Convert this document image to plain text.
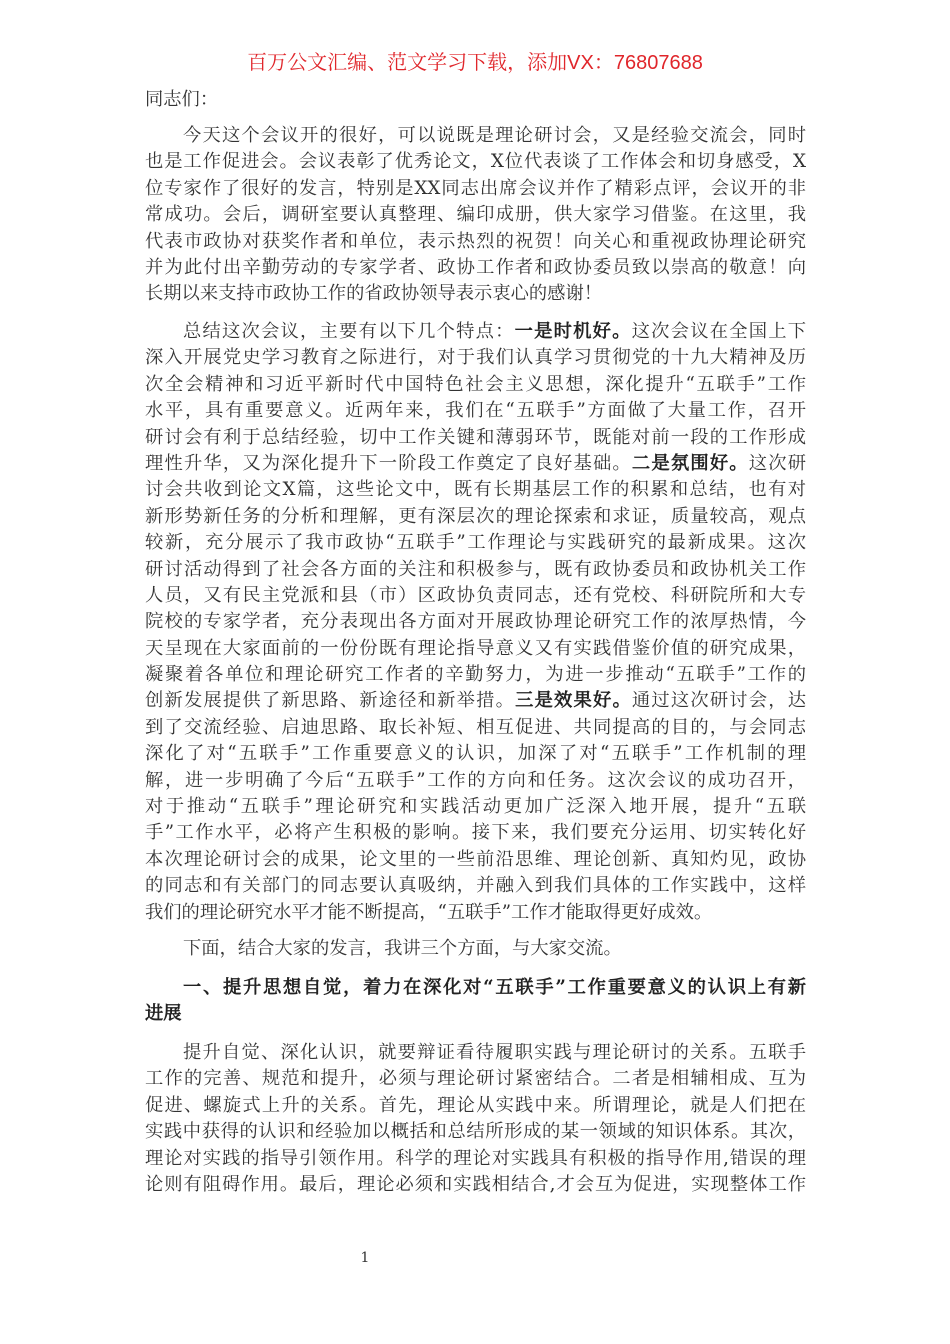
百万公文汇编、范文学习下载，添加VX：76807688
同志们：
今天这个会议开的很好，可以说既是理论研讨会，又是经验交流会，同时
也是工作促进会。会议表彰了优秀论文，X位代表谈了工作体会和切身感受，X
位专家作了很好的发言，特别是XX同志出席会议并作了精彩点评，会议开的非
常成功。会后，调研室要认真整理、编印成册，供大家学习借鉴。在这里，我
代表市政协对获奖作者和单位，表示热烈的祝贺！向关心和重视政协理论研究
并为此付出辛勤劳动的专家学者、政协工作者和政协委员致以崇高的敬意！向
长期以来支持市政协工作的省政协领导表示衷心的感谢！
总结这次会议，主要有以下几个特点：一是时机好。这次会议在全国上下
深入开展党史学习教育之际进行，对于我们认真学习贯彻党的十九大精神及历
次全会精神和习近平新时代中国特色社会主义思想，深化提升“五联手”工作
水平，具有重要意义。近两年来，我们在“五联手”方面做了大量工作，召开
研讨会有利于总结经验，切中工作关键和薄弱环节，既能对前一段的工作形成
理性升华，又为深化提升下一阶段工作奠定了良好基础。二是氛围好。这次研
讨会共收到论文X篇，这些论文中，既有长期基层工作的积累和总结，也有对
新形势新任务的分析和理解，更有深层次的理论探索和求证，质量较高，观点
较新，充分展示了我市政协“五联手”工作理论与实践研究的最新成果。这次
研讨活动得到了社会各方面的关注和积极参与，既有政协委员和政协机关工作
人员，又有民主党派和县（市）区政协负责同志，还有党校、科研院所和大专
院校的专家学者，充分表现出各方面对开展政协理论研究工作的浓厚热情，今
天呈现在大家面前的一份份既有理论指导意义又有实践借鉴价值的研究成果，
凝聚着各单位和理论研究工作者的辛勤努力，为进一步推动“五联手”工作的
创新发展提供了新思路、新途径和新举措。三是效果好。通过这次研讨会，达
到了交流经验、启迪思路、取长补短、相互促进、共同提高的目的，与会同志
深化了对“五联手”工作重要意义的认识，加深了对“五联手”工作机制的理
解，进一步明确了今后“五联手”工作的方向和任务。这次会议的成功召开，
对于推动“五联手”理论研究和实践活动更加广泛深入地开展，提升“五联
手”工作水平，必将产生积极的影响。接下来，我们要充分运用、切实转化好
本次理论研讨会的成果，论文里的一些前沿思维、理论创新、真知灼见，政协
的同志和有关部门的同志要认真吸纳，并融入到我们具体的工作实践中，这样
我们的理论研究水平才能不断提高，“五联手”工作才能取得更好成效。
下面，结合大家的发言，我讲三个方面，与大家交流。
一、提升思想自觉，着力在深化对“五联手”工作重要意义的认识上有新
进展
提升自觉、深化认识，就要辩证看待履职实践与理论研讨的关系。五联手
工作的完善、规范和提升，必须与理论研讨紧密结合。二者是相辅相成、互为
促进、螺旋式上升的关系。首先，理论从实践中来。所谓理论，就是人们把在
实践中获得的认识和经验加以概括和总结所形成的某一领域的知识体系。其次，
理论对实践的指导引领作用。科学的理论对实践具有积极的指导作用,错误的理
论则有阻碍作用。最后，理论必须和实践相结合,才会互为促进，实现整体工作
1
